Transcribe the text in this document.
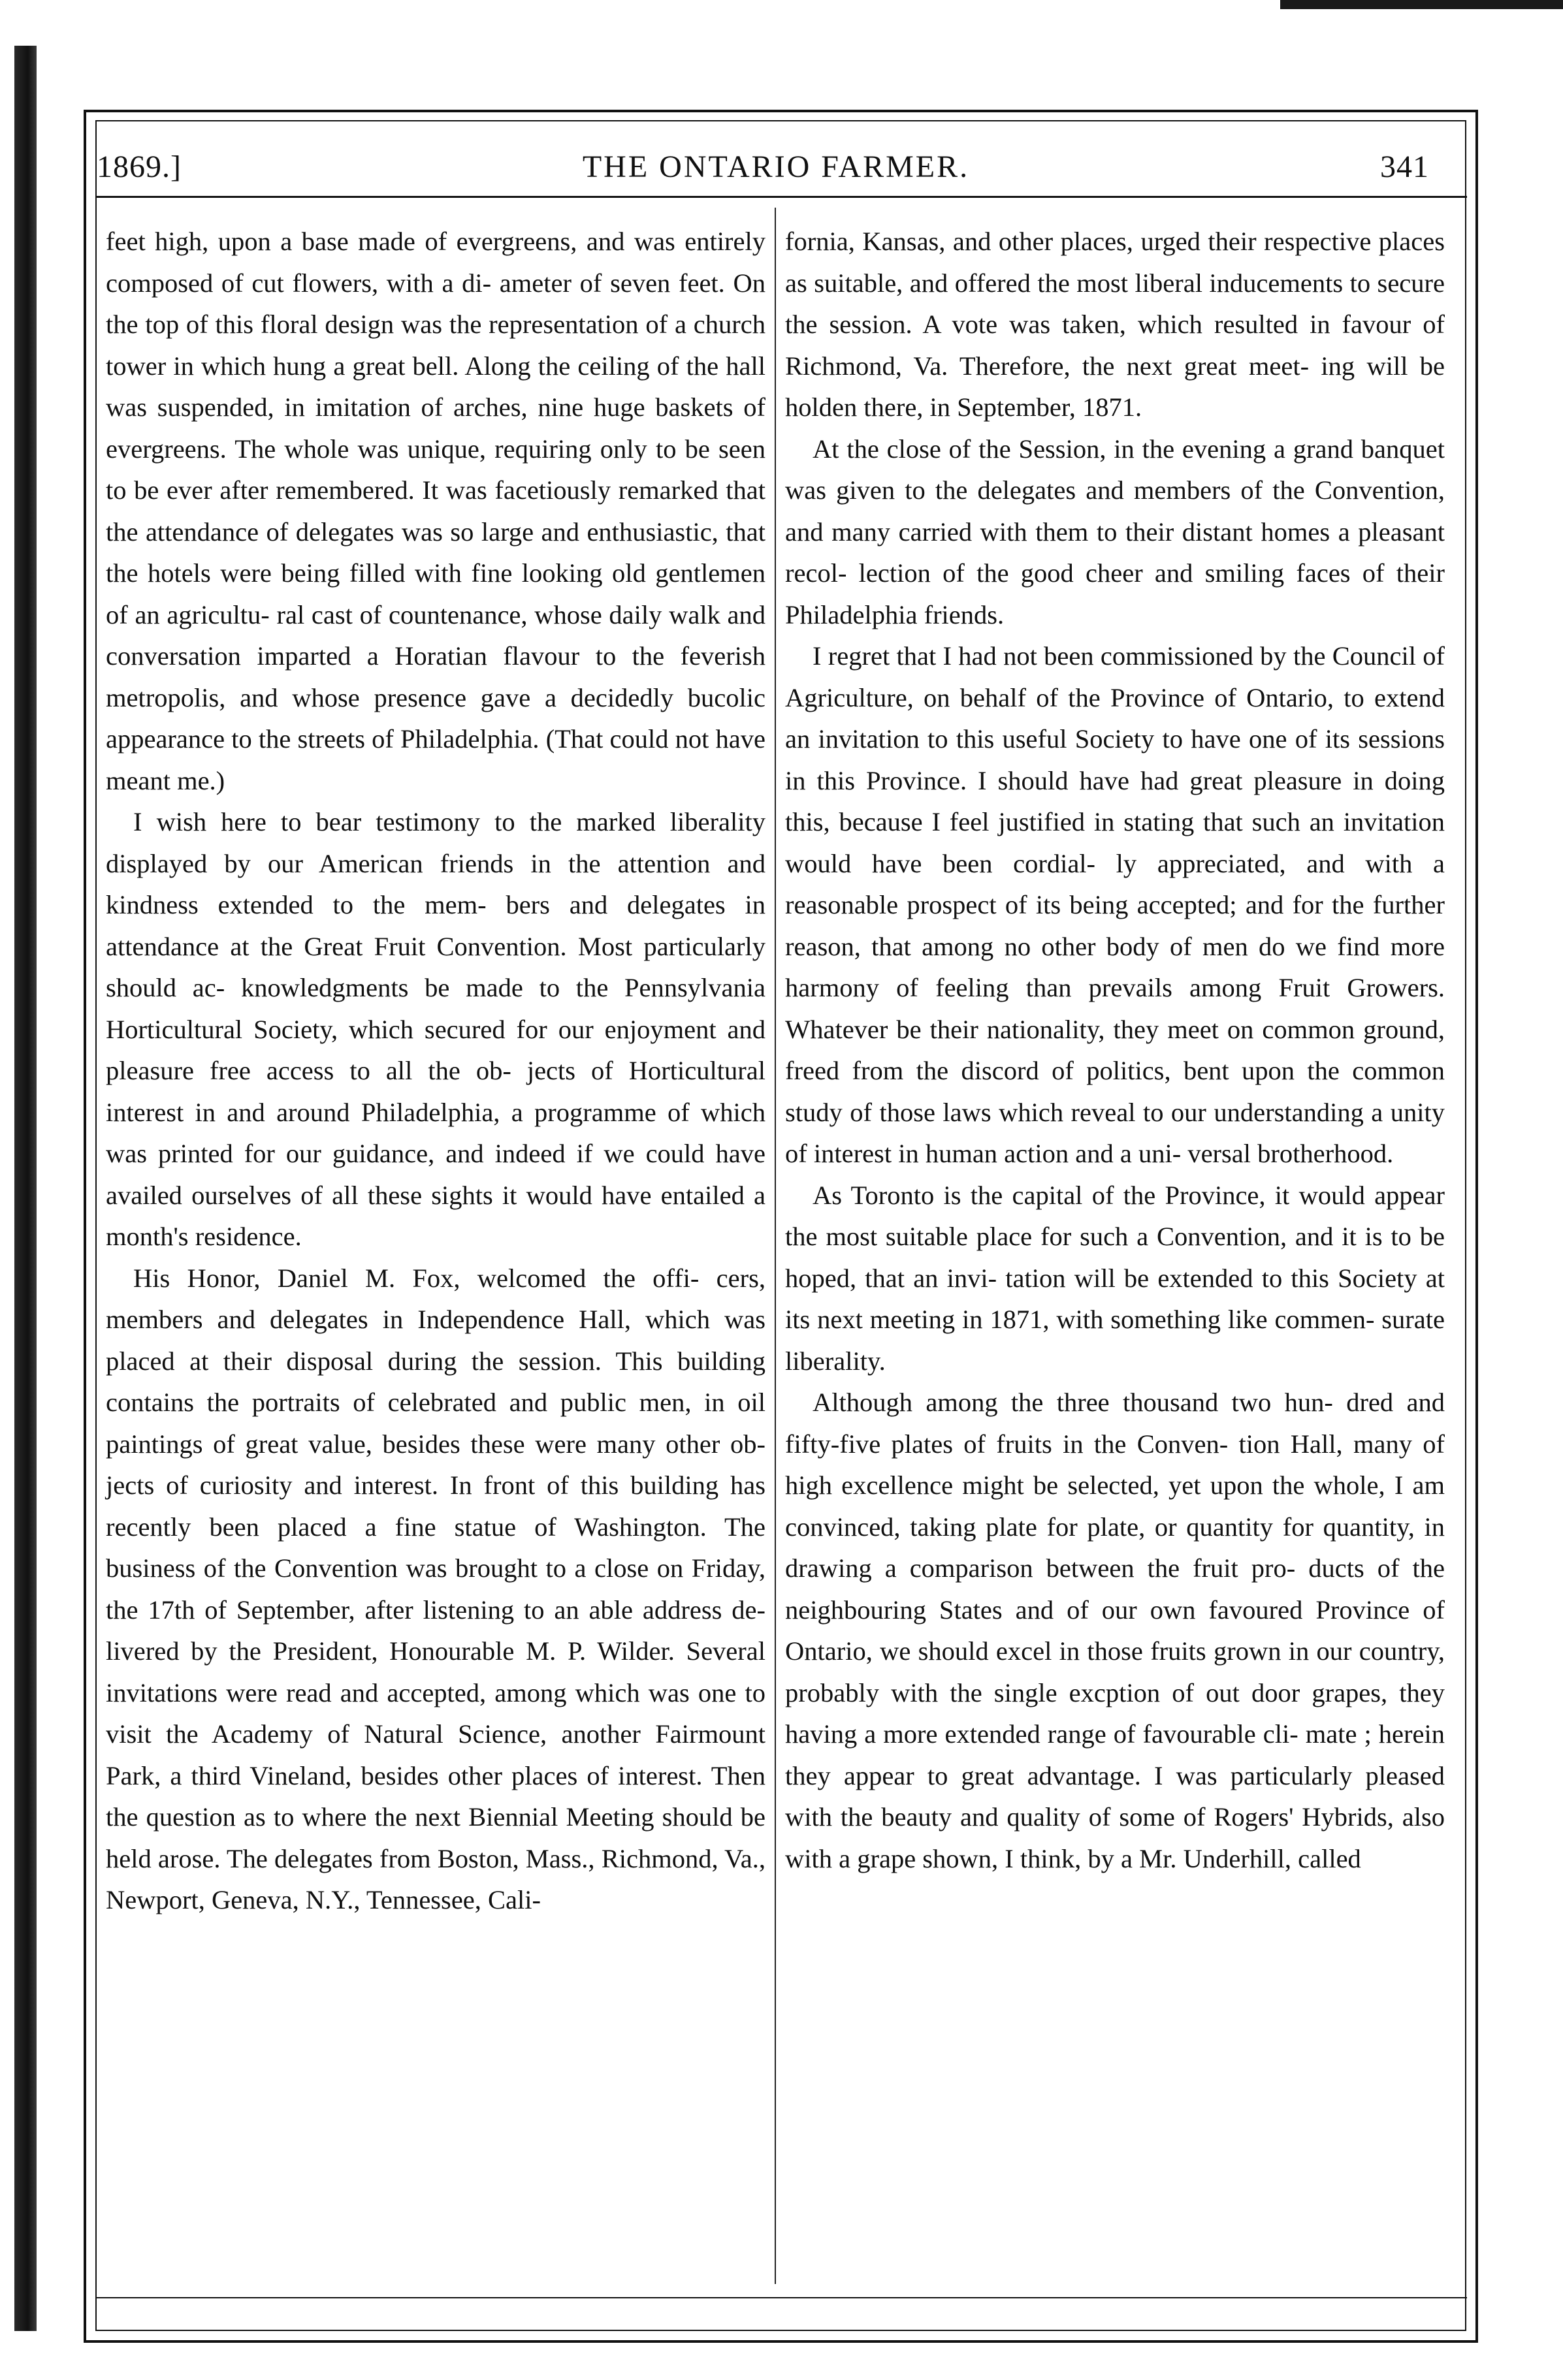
1869.]	THE ONTARIO FARMER.	341

feet high, upon a base made of evergreens, and was entirely composed of cut flowers, with a di- ameter of seven feet. On the top of this floral design was the representation of a church tower in which hung a great bell. Along the ceiling of the hall was suspended, in imitation of arches, nine huge baskets of evergreens. The whole was unique, requiring only to be seen to be ever after remembered. It was facetiously remarked that the attendance of delegates was so large and enthusiastic, that the hotels were being filled with fine looking old gentlemen of an agricultu- ral cast of countenance, whose daily walk and conversation imparted a Horatian flavour to the feverish metropolis, and whose presence gave a decidedly bucolic appearance to the streets of Philadelphia. (That could not have meant me.)

I wish here to bear testimony to the marked liberality displayed by our American friends in the attention and kindness extended to the mem- bers and delegates in attendance at the Great Fruit Convention. Most particularly should ac- knowledgments be made to the Pennsylvania Horticultural Society, which secured for our enjoyment and pleasure free access to all the ob- jects of Horticultural interest in and around Philadelphia, a programme of which was printed for our guidance, and indeed if we could have availed ourselves of all these sights it would have entailed a month's residence.

His Honor, Daniel M. Fox, welcomed the offi- cers, members and delegates in Independence Hall, which was placed at their disposal during the session. This building contains the portraits of celebrated and public men, in oil paintings of great value, besides these were many other ob- jects of curiosity and interest. In front of this building has recently been placed a fine statue of Washington. The business of the Convention was brought to a close on Friday, the 17th of September, after listening to an able address de- livered by the President, Honourable M. P. Wilder. Several invitations were read and accepted, among which was one to visit the Academy of Natural Science, another Fairmount Park, a third Vineland, besides other places of interest. Then the question as to where the next Biennial Meeting should be held arose. The delegates from Boston, Mass., Richmond, Va., Newport, Geneva, N.Y., Tennessee, Cali-

fornia, Kansas, and other places, urged their respective places as suitable, and offered the most liberal inducements to secure the session. A vote was taken, which resulted in favour of Richmond, Va. Therefore, the next great meet- ing will be holden there, in September, 1871.

At the close of the Session, in the evening a grand banquet was given to the delegates and members of the Convention, and many carried with them to their distant homes a pleasant recol- lection of the good cheer and smiling faces of their Philadelphia friends.

I regret that I had not been commissioned by the Council of Agriculture, on behalf of the Province of Ontario, to extend an invitation to this useful Society to have one of its sessions in this Province. I should have had great pleasure in doing this, because I feel justified in stating that such an invitation would have been cordial- ly appreciated, and with a reasonable prospect of its being accepted; and for the further reason, that among no other body of men do we find more harmony of feeling than prevails among Fruit Growers. Whatever be their nationality, they meet on common ground, freed from the discord of politics, bent upon the common study of those laws which reveal to our understanding a unity of interest in human action and a uni- versal brotherhood.

As Toronto is the capital of the Province, it would appear the most suitable place for such a Convention, and it is to be hoped, that an invi- tation will be extended to this Society at its next meeting in 1871, with something like commen- surate liberality.

Although among the three thousand two hun- dred and fifty-five plates of fruits in the Conven- tion Hall, many of high excellence might be selected, yet upon the whole, I am convinced, taking plate for plate, or quantity for quantity, in drawing a comparison between the fruit pro- ducts of the neighbouring States and of our own favoured Province of Ontario, we should excel in those fruits grown in our country, probably with the single excption of out door grapes, they having a more extended range of favourable cli- mate ; herein they appear to great advantage. I was particularly pleased with the beauty and quality of some of Rogers' Hybrids, also with a grape shown, I think, by a Mr. Underhill, called
